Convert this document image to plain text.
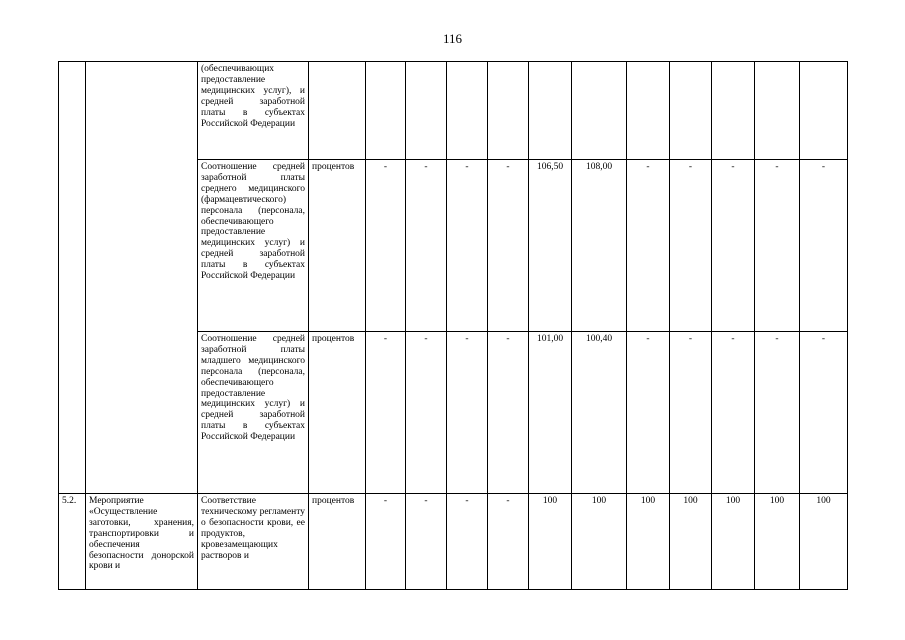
116
		(обеспечивающих предоставление медицинских услуг), и средней заработной платы в субъектах Российской Федерации												
		Соотношение средней заработной платы среднего медицинского (фармацевтического) персонала (персонала, обеспечивающего предоставление медицинских услуг) и средней заработной платы в субъектах Российской Федерации	процентов	-	-	-	-	106,50	108,00	-	-	-	-	-
		Соотношение средней заработной платы младшего медицинского персонала (персонала, обеспечивающего предоставление медицинских услуг) и средней заработной платы в субъектах Российской Федерации	процентов	-	-	-	-	101,00	100,40	-	-	-	-	-
5.2.	Мероприятие «Осуществление заготовки, хранения, транспортировки и обеспечения безопасности донорской крови и	Соответствие техническому регламенту о безопасности крови, ее продуктов, кровезамещающих растворов и	процентов	-	-	-	-	100	100	100	100	100	100	100
